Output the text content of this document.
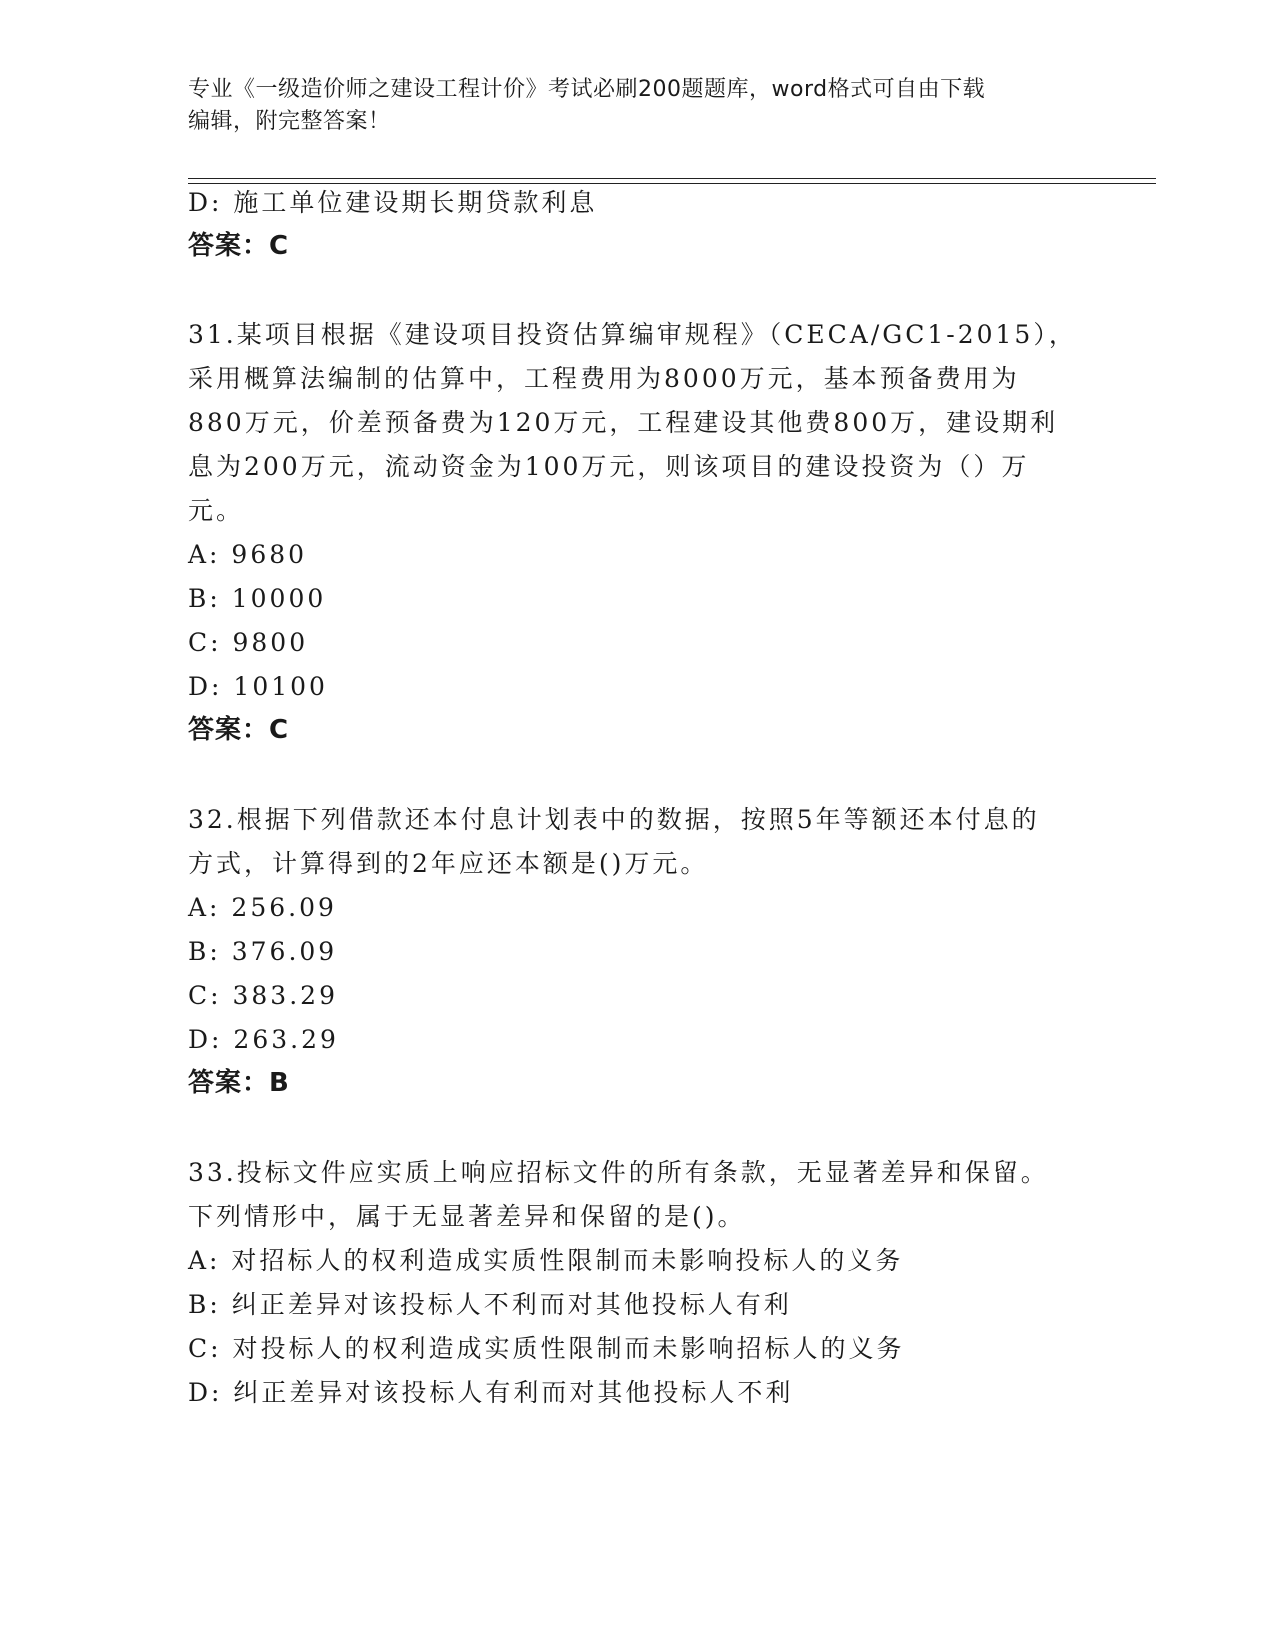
专业《一级造价师之建设工程计价》考试必刷200题题库，word格式可自由下载
编辑，附完整答案！
D: 施工单位建设期长期贷款利息
答案：C
31.某项目根据《建设项目投资估算编审规程》（CECA/GC1-2015），
采用概算法编制的估算中，工程费用为8000万元，基本预备费用为
880万元，价差预备费为120万元，工程建设其他费800万，建设期利
息为200万元，流动资金为100万元，则该项目的建设投资为（）万
元。
A: 9680
B: 10000
C: 9800
D: 10100
答案：C
32.根据下列借款还本付息计划表中的数据，按照5年等额还本付息的
方式，计算得到的2年应还本额是()万元。
A: 256.09
B: 376.09
C: 383.29
D: 263.29
答案：B
33.投标文件应实质上响应招标文件的所有条款，无显著差异和保留。
下列情形中，属于无显著差异和保留的是()。
A: 对招标人的权利造成实质性限制而未影响投标人的义务
B: 纠正差异对该投标人不利而对其他投标人有利
C: 对投标人的权利造成实质性限制而未影响招标人的义务
D: 纠正差异对该投标人有利而对其他投标人不利
